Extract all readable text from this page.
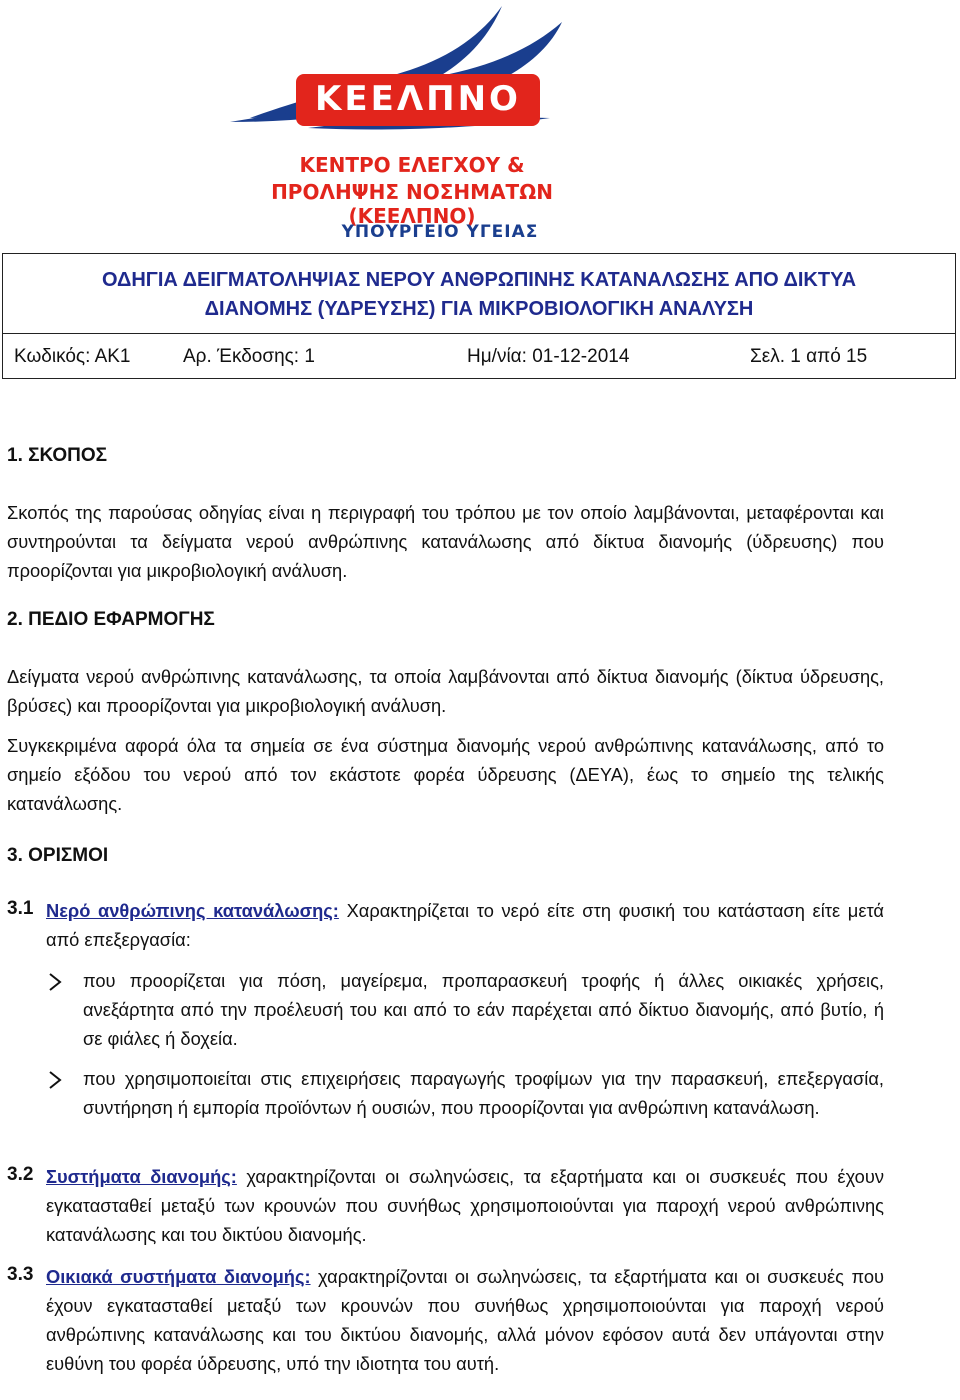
ΚΕΕΛΠΝΟ
ΚΕΝΤΡΟ ΕΛΕΓΧΟΥ &
ΠΡΟΛΗΨΗΣ ΝΟΣΗΜΑΤΩΝ (ΚΕΕΛΠΝΟ)
ΥΠΟΥΡΓΕΙΟ ΥΓΕΙΑΣ
ΟΔΗΓΙΑ ΔΕΙΓΜΑΤΟΛΗΨΙΑΣ ΝΕΡΟΥ ΑΝΘΡΩΠΙΝΗΣ ΚΑΤΑΝΑΛΩΣΗΣ ΑΠΟ ΔΙΚΤΥΑ
ΔΙΑΝΟΜΗΣ (ΥΔΡΕΥΣΗΣ) ΓΙΑ ΜΙΚΡΟΒΙΟΛΟΓΙΚΗ ΑΝΑΛΥΣΗ
Κωδικός: ΑΚ1	Αρ. Έκδοσης: 1	Ημ/νία: 01-12-2014	Σελ. 1 από 15
1. ΣΚΟΠΟΣ
Σκοπός της παρούσας οδηγίας είναι η περιγραφή του τρόπου με τον οποίο λαμβάνονται, μεταφέρονται και συντηρούνται τα δείγματα νερού ανθρώπινης κατανάλωσης από δίκτυα διανομής (ύδρευσης) που προορίζονται για μικροβιολογική ανάλυση.
2. ΠΕΔΙΟ ΕΦΑΡΜΟΓΗΣ
Δείγματα νερού ανθρώπινης κατανάλωσης, τα οποία λαμβάνονται από δίκτυα διανομής (δίκτυα ύδρευσης, βρύσες) και προορίζονται για μικροβιολογική ανάλυση.
Συγκεκριμένα αφορά όλα τα σημεία σε ένα σύστημα διανομής νερού ανθρώπινης κατανάλωσης, από το σημείο εξόδου του νερού από τον εκάστοτε φορέα ύδρευσης (ΔΕΥΑ), έως το σημείο της τελικής κατανάλωσης.
3. ΟΡΙΣΜΟΙ
3.1 Νερό ανθρώπινης κατανάλωσης: Χαρακτηρίζεται το νερό είτε στη φυσική του κατάσταση είτε μετά από επεξεργασία:
που προορίζεται για πόση, μαγείρεμα, προπαρασκευή τροφής ή άλλες οικιακές χρήσεις, ανεξάρτητα από την προέλευσή του και από το εάν παρέχεται από δίκτυο διανομής, από βυτίο, ή σε φιάλες ή δοχεία.
που χρησιμοποιείται στις επιχειρήσεις παραγωγής τροφίμων για την παρασκευή, επεξεργασία, συντήρηση ή εμπορία προϊόντων ή ουσιών, που προορίζονται για ανθρώπινη κατανάλωση.
3.2 Συστήματα διανομής: χαρακτηρίζονται οι σωληνώσεις, τα εξαρτήματα και οι συσκευές που έχουν εγκατασταθεί μεταξύ των κρουνών που συνήθως χρησιμοποιούνται για παροχή νερού ανθρώπινης κατανάλωσης και του δικτύου διανομής.
3.3 Οικιακά συστήματα διανομής: χαρακτηρίζονται οι σωληνώσεις, τα εξαρτήματα και οι συσκευές που έχουν εγκατασταθεί μεταξύ των κρουνών που συνήθως χρησιμοποιούνται για παροχή νερού ανθρώπινης κατανάλωσης και του δικτύου διανομής, αλλά μόνον εφόσον αυτά δεν υπάγονται στην ευθύνη του φορέα ύδρευσης, υπό την ιδιοτητα του αυτή.
